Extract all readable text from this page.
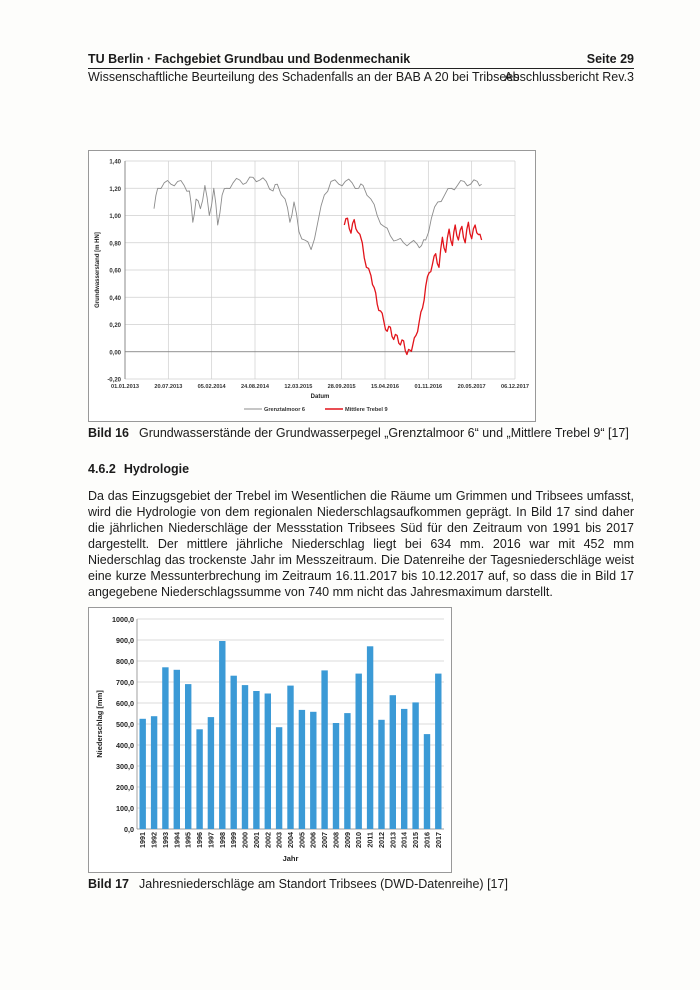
TU Berlin · Fachgebiet Grundbau und Bodenmechanik	Seite 29
Wissenschaftliche Beurteilung des Schadenfalls an der BAB A 20 bei Tribsees
Abschlussbericht Rev.3
-0,20
0,00
0,20
0,40
0,60
0,80
1,00
1,20
1,40
01.01.2013	20.07.2013	05.02.2014	24.08.2014	12.03.2015	28.09.2015	15.04.2016	01.11.2016	20.05.2017	06.12.2017
Datum
Grundwasserstand [m HN]
Grenztalmoor 6	Mittlere Trebel 9
Bild 16 Grundwasserstände der Grundwasserpegel „Grenztalmoor 6“ und „Mittlere Trebel 9“ [17]
4.6.2 Hydrologie
Da das Einzugsgebiet der Trebel im Wesentlichen die Räume um Grimmen und Tribsees umfasst, wird die Hydrologie von dem regionalen Niederschlagsaufkommen geprägt. In Bild 17 sind daher die jährlichen Niederschläge der Messstation Tribsees Süd für den Zeitraum von 1991 bis 2017 dargestellt. Der mittlere jährliche Niederschlag liegt bei 634 mm. 2016 war mit 452 mm Niederschlag das trockenste Jahr im Messzeitraum. Die Datenreihe der Tagesniederschläge weist eine kurze Messunterbrechung im Zeitraum 16.11.2017 bis 10.12.2017 auf, so dass die in Bild 17 angegebene Niederschlagssumme von 740 mm nicht das Jahresmaximum darstellt.
0,0
100,0
200,0
300,0
400,0
500,0
600,0
700,0
800,0
900,0
1000,0
1991 1992 1993 1994 1995 1996 1997 1998 1999 2000 2001 2002 2003 2004 2005 2006 2007 2008 2009 2010 2011 2012 2013 2014 2015 2016 2017
Jahr
Niederschlag [mm]
Bild 17 Jahresniederschläge am Standort Tribsees (DWD-Datenreihe) [17]
